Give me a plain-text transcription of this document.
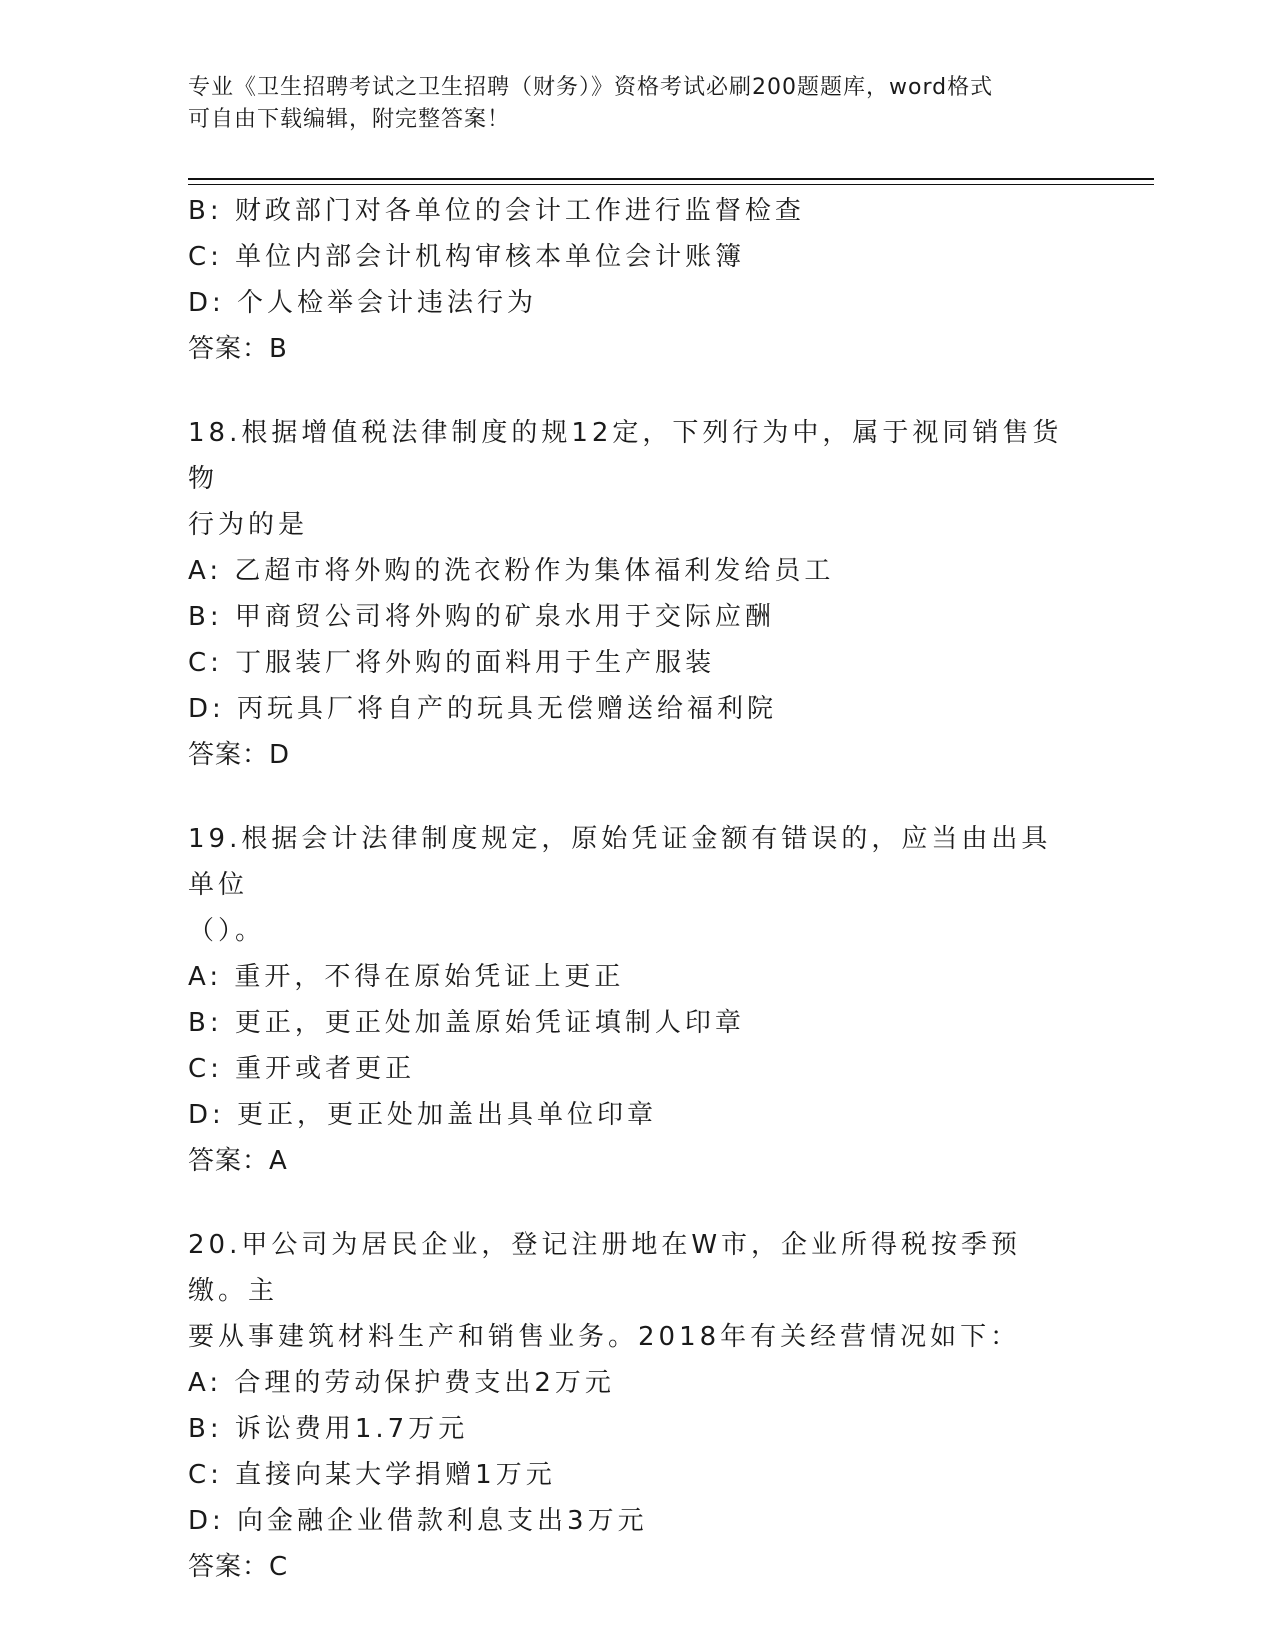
专业《卫生招聘考试之卫生招聘（财务）》资格考试必刷200题题库，word格式
可自由下载编辑，附完整答案！
B: 财政部门对各单位的会计工作进行监督检查
C: 单位内部会计机构审核本单位会计账簿
D: 个人检举会计违法行为
答案：B
18.根据增值税法律制度的规12定，下列行为中，属于视同销售货物
行为的是
A: 乙超市将外购的洗衣粉作为集体福利发给员工
B: 甲商贸公司将外购的矿泉水用于交际应酬
C: 丁服装厂将外购的面料用于生产服装
D: 丙玩具厂将自产的玩具无偿赠送给福利院
答案：D
19.根据会计法律制度规定，原始凭证金额有错误的，应当由出具单位
（）。
A: 重开，不得在原始凭证上更正
B: 更正，更正处加盖原始凭证填制人印章
C: 重开或者更正
D: 更正，更正处加盖出具单位印章
答案：A
20.甲公司为居民企业，登记注册地在W市，企业所得税按季预缴。主
要从事建筑材料生产和销售业务。2018年有关经营情况如下：
A: 合理的劳动保护费支出2万元
B: 诉讼费用1.7万元
C: 直接向某大学捐赠1万元
D: 向金融企业借款利息支出3万元
答案：C
